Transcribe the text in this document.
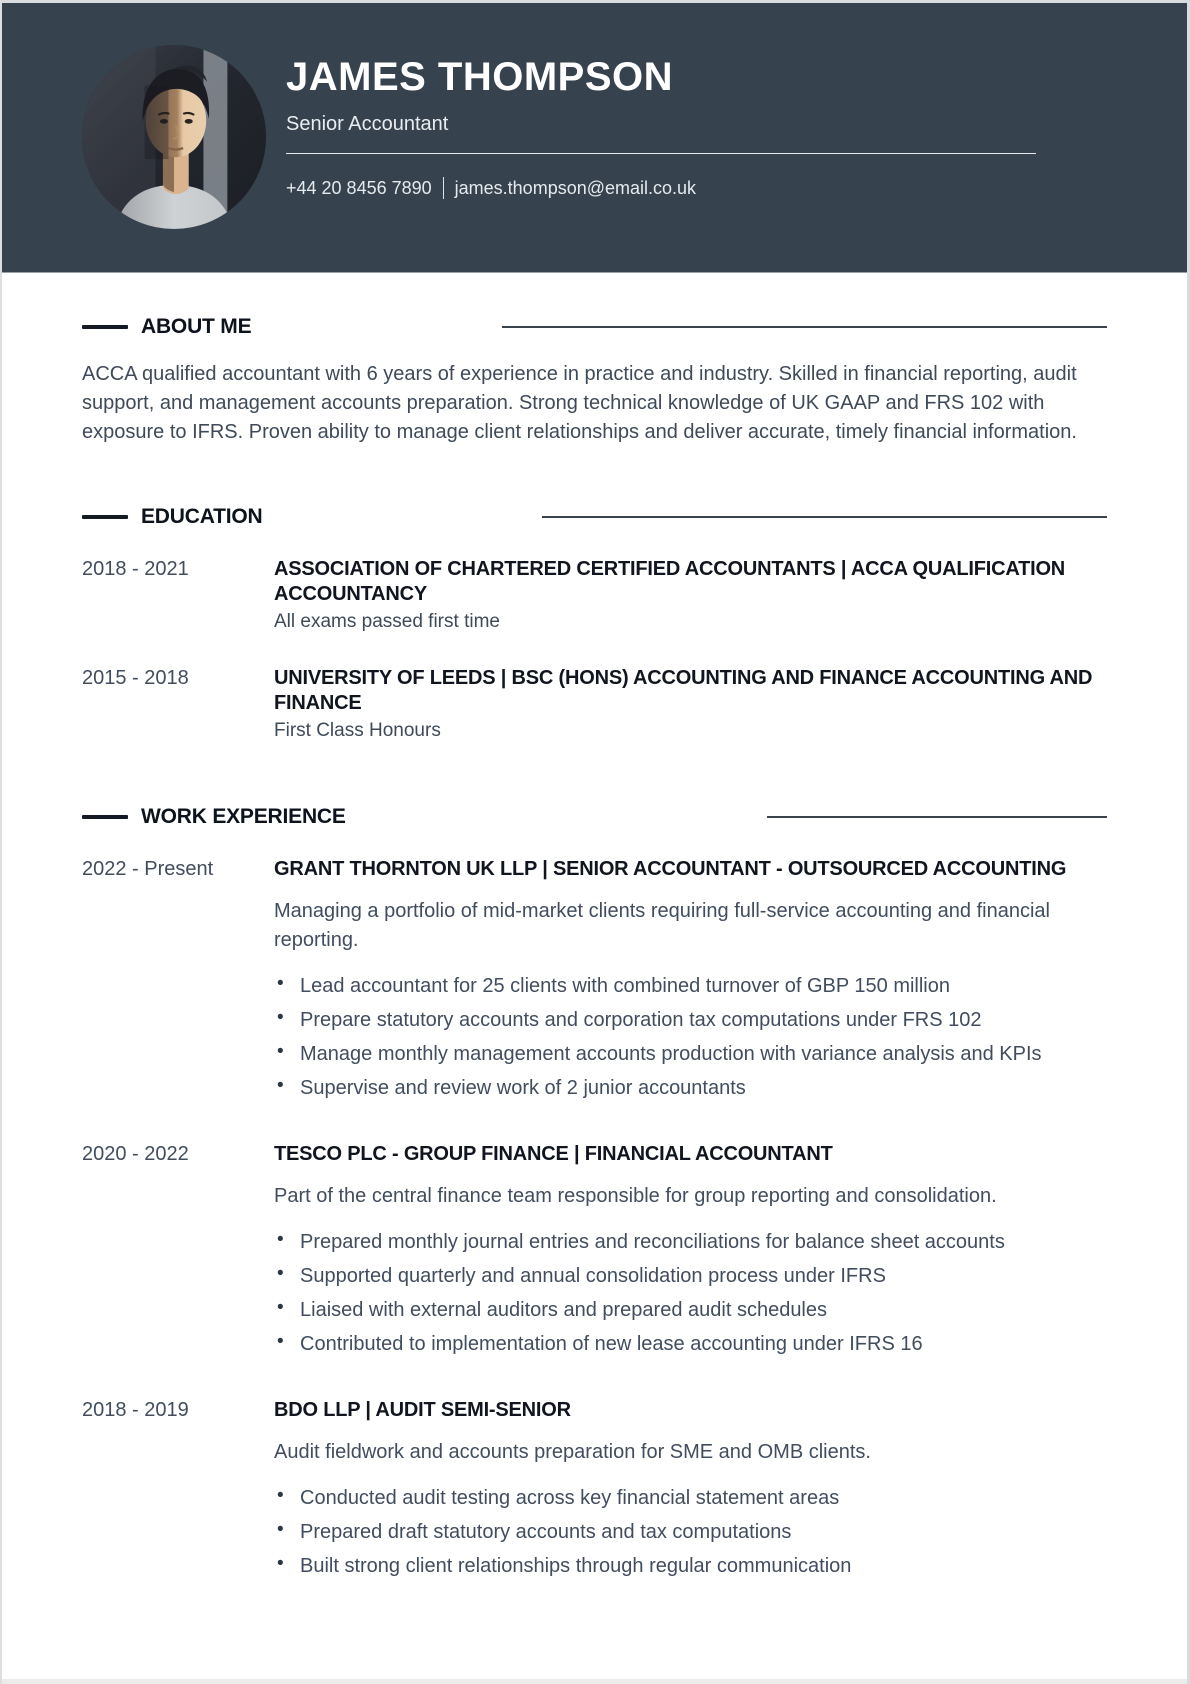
JAMES THOMPSON
Senior Accountant
+44 20 8456 7890 james.thompson@email.co.uk
ABOUT ME
ACCA qualified accountant with 6 years of experience in practice and industry. Skilled in financial reporting, audit support, and management accounts preparation. Strong technical knowledge of UK GAAP and FRS 102 with exposure to IFRS. Proven ability to manage client relationships and deliver accurate, timely financial information.
EDUCATION
2018 - 2021	ASSOCIATION OF CHARTERED CERTIFIED ACCOUNTANTS | ACCA QUALIFICATION ACCOUNTANCY
All exams passed first time
2015 - 2018	UNIVERSITY OF LEEDS | BSC (HONS) ACCOUNTING AND FINANCE ACCOUNTING AND FINANCE
First Class Honours
WORK EXPERIENCE
2022 - Present	GRANT THORNTON UK LLP | SENIOR ACCOUNTANT - OUTSOURCED ACCOUNTING
Managing a portfolio of mid-market clients requiring full-service accounting and financial reporting.
• Lead accountant for 25 clients with combined turnover of GBP 150 million
• Prepare statutory accounts and corporation tax computations under FRS 102
• Manage monthly management accounts production with variance analysis and KPIs
• Supervise and review work of 2 junior accountants
2020 - 2022	TESCO PLC - GROUP FINANCE | FINANCIAL ACCOUNTANT
Part of the central finance team responsible for group reporting and consolidation.
• Prepared monthly journal entries and reconciliations for balance sheet accounts
• Supported quarterly and annual consolidation process under IFRS
• Liaised with external auditors and prepared audit schedules
• Contributed to implementation of new lease accounting under IFRS 16
2018 - 2019	BDO LLP | AUDIT SEMI-SENIOR
Audit fieldwork and accounts preparation for SME and OMB clients.
• Conducted audit testing across key financial statement areas
• Prepared draft statutory accounts and tax computations
• Built strong client relationships through regular communication
